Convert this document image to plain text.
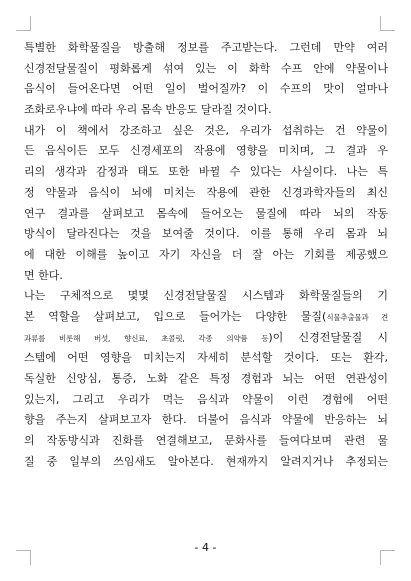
특별한 화학물질을 방출해 정보를 주고받는다. 그런데 만약 여러
신경전달물질이 평화롭게 섞여 있는 이 화학 수프 안에 약물이나
음식이 들어온다면 어떤 일이 벌어질까? 이 수프의 맛이 얼마나
조화로우냐에 따라 우리 몸속 반응도 달라질 것이다.
내가 이 책에서 강조하고 싶은 것은, 우리가 섭취하는 건 약물이
든 음식이든 모두 신경세포의 작용에 영향을 미치며, 그 결과 우
리의 생각과 감정과 태도 또한 바뀔 수 있다는 사실이다. 나는 특
정 약물과 음식이 뇌에 미치는 작용에 관한 신경과학자들의 최신
연구 결과를 살펴보고 몸속에 들어오는 물질에 따라 뇌의 작동
방식이 달라진다는 것을 보여줄 것이다. 이를 통해 우리 몸과 뇌
에 대한 이해를 높이고 자기 자신을 더 잘 아는 기회를 제공했으
면 한다.
나는 구체적으로 몇몇 신경전달물질 시스템과 화학물질들의 기
본 역할을 살펴보고, 입으로 들어가는 다양한 물질(식물추출물과 견
과류를 비롯해 버섯, 향신료, 초콜릿, 각종 의약품 등)이 신경전달물질 시
스템에 어떤 영향을 미치는지 자세히 분석할 것이다. 또는 환각,
독실한 신앙심, 통증, 노화 같은 특정 경험과 뇌는 어떤 연관성이
있는지, 그리고 우리가 먹는 음식과 약물이 이런 경험에 어떤
향을 주는지 살펴보고자 한다. 더불어 음식과 약물에 반응하는 뇌
의 작동방식과 진화를 연결해보고, 문화사를 들여다보며 관련 물
질 중 일부의 쓰임새도 알아본다. 현재까지 알려지거나 추정되는
- 4 -
